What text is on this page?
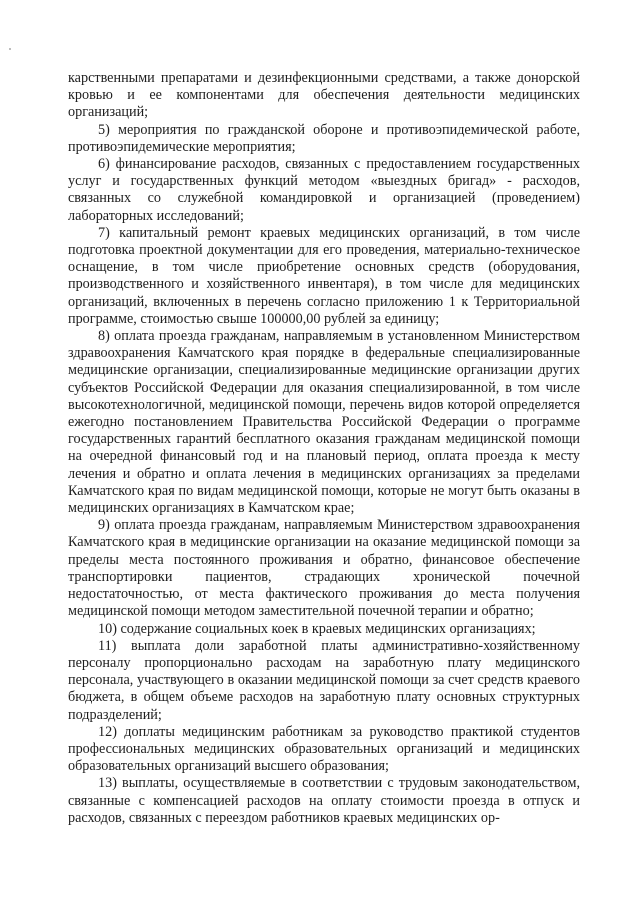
карственными препаратами и дезинфекционными средствами, а также донорской кровью и ее компонентами для обеспечения деятельности медицинских организаций;

5) мероприятия по гражданской обороне и противоэпидемической работе, противоэпидемические мероприятия;

6) финансирование расходов, связанных с предоставлением государственных услуг и государственных функций методом «выездных бригад» - расходов, связанных со служебной командировкой и организацией (проведением) лабораторных исследований;

7) капитальный ремонт краевых медицинских организаций, в том числе подготовка проектной документации для его проведения, материально-техническое оснащение, в том числе приобретение основных средств (оборудования, производственного и хозяйственного инвентаря), в том числе для медицинских организаций, включенных в перечень согласно приложению 1 к Территориальной программе, стоимостью свыше 100000,00 рублей за единицу;

8) оплата проезда гражданам, направляемым в установленном Министерством здравоохранения Камчатского края порядке в федеральные специализированные медицинские организации, специализированные медицинские организации других субъектов Российской Федерации для оказания специализированной, в том числе высокотехнологичной, медицинской помощи, перечень видов которой определяется ежегодно постановлением Правительства Российской Федерации о программе государственных гарантий бесплатного оказания гражданам медицинской помощи на очередной финансовый год и на плановый период, оплата проезда к месту лечения и обратно и оплата лечения в медицинских организациях за пределами Камчатского края по видам медицинской помощи, которые не могут быть оказаны в медицинских организациях в Камчатском крае;

9) оплата проезда гражданам, направляемым Министерством здравоохранения Камчатского края в медицинские организации на оказание медицинской помощи за пределы места постоянного проживания и обратно, финансовое обеспечение транспортировки пациентов, страдающих хронической почечной недостаточностью, от места фактического проживания до места получения медицинской помощи методом заместительной почечной терапии и обратно;

10) содержание социальных коек в краевых медицинских организациях;

11) выплата доли заработной платы административно-хозяйственному персоналу пропорционально расходам на заработную плату медицинского персонала, участвующего в оказании медицинской помощи за счет средств краевого бюджета, в общем объеме расходов на заработную плату основных структурных подразделений;

12) доплаты медицинским работникам за руководство практикой студентов профессиональных медицинских образовательных организаций и медицинских образовательных организаций высшего образования;

13) выплаты, осуществляемые в соответствии с трудовым законодательством, связанные с компенсацией расходов на оплату стоимости проезда в отпуск и расходов, связанных с переездом работников краевых медицинских ор-
